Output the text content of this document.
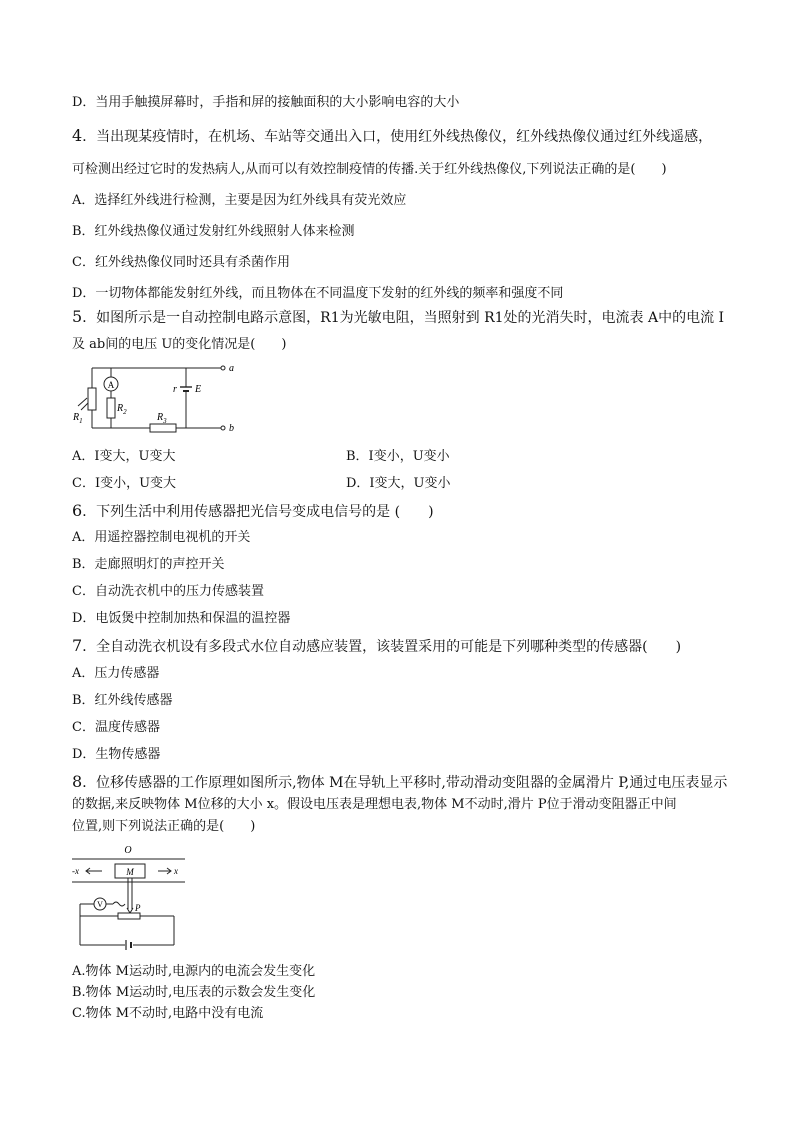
D．当用手触摸屏幕时，手指和屏的接触面积的大小影响电容的大小
4．当出现某疫情时，在机场、车站等交通出入口，使用红外线热像仪，红外线热像仪通过红外线遥感，
可检测出经过它时的发热病人,从而可以有效控制疫情的传播.关于红外线热像仪,下列说法正确的是(　　)
A．选择红外线进行检测，主要是因为红外线具有荧光效应
B．红外线热像仪通过发射红外线照射人体来检测
C．红外线热像仪同时还具有杀菌作用
D．一切物体都能发射红外线，而且物体在不同温度下发射的红外线的频率和强度不同
5．如图所示是一自动控制电路示意图，R1为光敏电阻，当照射到 R1处的光消失时，电流表 A中的电流 I
及 ab间的电压 U的变化情况是(　　)
A
$R_1$
$R_2$	$R_3$
r E
a
b
A．I变大，U变大	B．I变小，U变小
C．I变小，U变大	D．I变大，U变小
6．下列生活中利用传感器把光信号变成电信号的是 (　　)
A．用遥控器控制电视机的开关
B．走廊照明灯的声控开关
C．自动洗衣机中的压力传感装置
D．电饭煲中控制加热和保温的温控器
7．全自动洗衣机设有多段式水位自动感应装置，该装置采用的可能是下列哪种类型的传感器(　　)
A．压力传感器
B．红外线传感器
C．温度传感器
D．生物传感器
8．位移传感器的工作原理如图所示,物体 M在导轨上平移时,带动滑动变阻器的金属滑片 P,通过电压表显示
的数据,来反映物体 M位移的大小 x。假设电压表是理想电表,物体 M不动时,滑片 P位于滑动变阻器正中间
位置,则下列说法正确的是(　　)
O
-x	x
M
V	P
A.物体 M运动时,电源内的电流会发生变化
B.物体 M运动时,电压表的示数会发生变化
C.物体 M不动时,电路中没有电流
